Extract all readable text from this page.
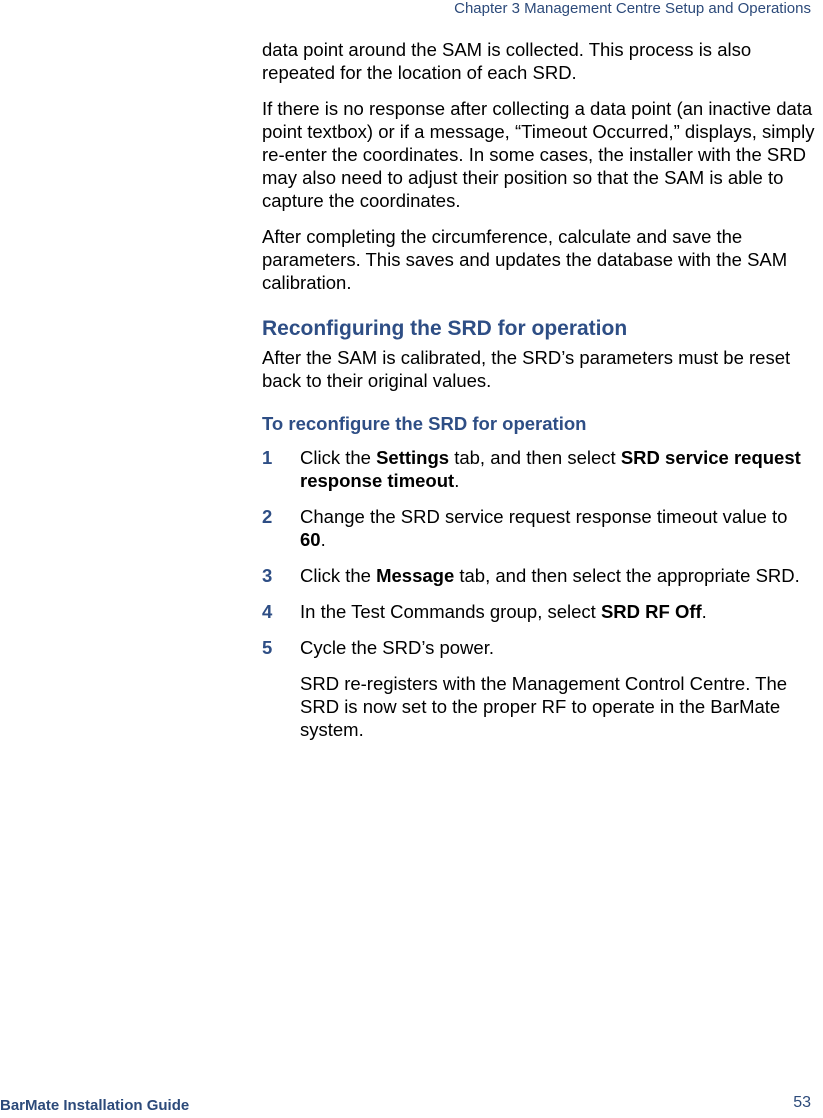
Chapter 3 Management Centre Setup and Operations

data point around the SAM is collected. This process is also repeated for the location of each SRD.

If there is no response after collecting a data point (an inactive data point textbox) or if a message, “Timeout Occurred,” displays, simply re-enter the coordinates. In some cases, the installer with the SRD may also need to adjust their position so that the SAM is able to capture the coordinates.

After completing the circumference, calculate and save the parameters. This saves and updates the database with the SAM calibration.

Reconfiguring the SRD for operation

After the SAM is calibrated, the SRD’s parameters must be reset back to their original values.

To reconfigure the SRD for operation
1	Click the Settings tab, and then select SRD service request response timeout.
2	Change the SRD service request response timeout value to 60.
3	Click the Message tab, and then select the appropriate SRD.
4	In the Test Commands group, select SRD RF Off.
5	Cycle the SRD’s power.

SRD re-registers with the Management Control Centre. The SRD is now set to the proper RF to operate in the BarMate system.

BarMate Installation Guide	53
